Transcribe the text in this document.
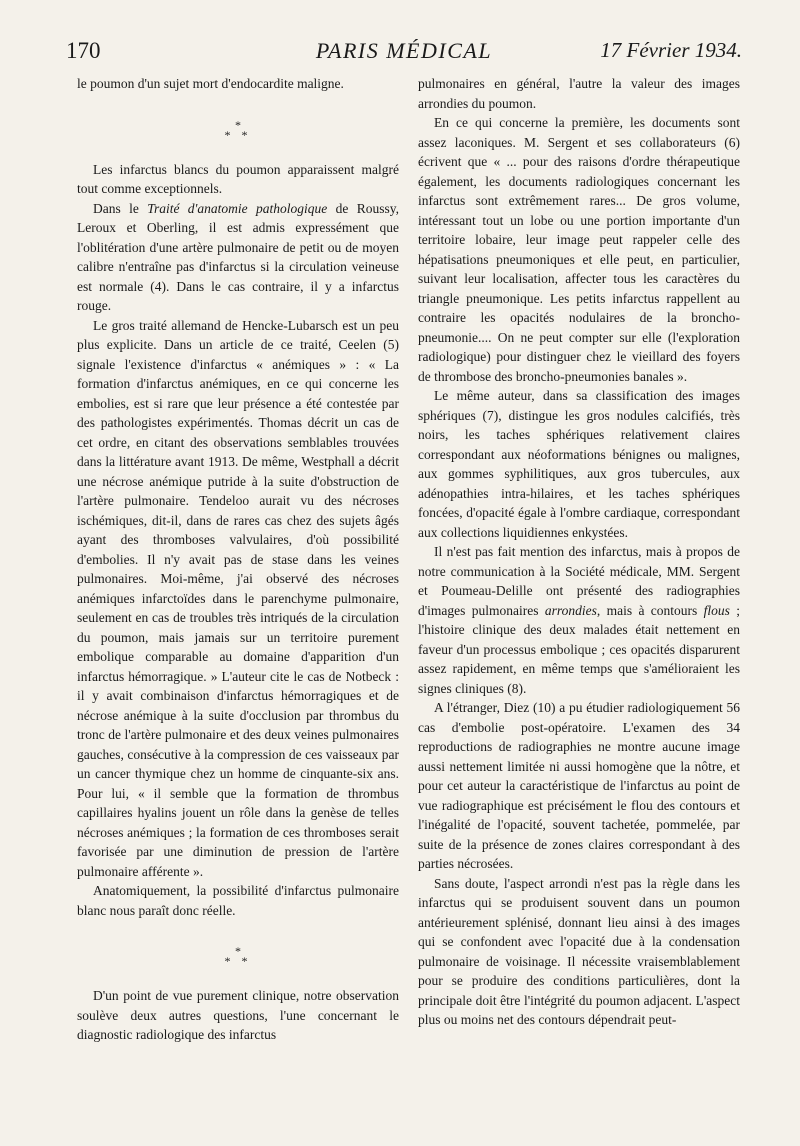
170	PARIS MÉDICAL	17 Février 1934.

le poumon d'un sujet mort d'endocardite maligne.

*
* *

Les infarctus blancs du poumon apparaissent malgré tout comme exceptionnels.

Dans le Traité d'anatomie pathologique de Roussy, Leroux et Oberling, il est admis expressément que l'oblitération d'une artère pulmonaire de petit ou de moyen calibre n'entraîne pas d'infarctus si la circulation veineuse est normale (4). Dans le cas contraire, il y a infarctus rouge.

Le gros traité allemand de Hencke-Lubarsch est un peu plus explicite. Dans un article de ce traité, Ceelen (5) signale l'existence d'infarctus « anémiques » : « La formation d'infarctus anémiques, en ce qui concerne les embolies, est si rare que leur présence a été contestée par des pathologistes expérimentés. Thomas décrit un cas de cet ordre, en citant des observations semblables trouvées dans la littérature avant 1913. De même, Westphall a décrit une nécrose anémique putride à la suite d'obstruction de l'artère pulmonaire. Tendeloo aurait vu des nécroses ischémiques, dit-il, dans de rares cas chez des sujets âgés ayant des thromboses valvulaires, d'où possibilité d'embolies. Il n'y avait pas de stase dans les veines pulmonaires. Moi-même, j'ai observé des nécroses anémiques infarctoïdes dans le parenchyme pulmonaire, seulement en cas de troubles très intriqués de la circulation du poumon, mais jamais sur un territoire purement embolique comparable au domaine d'apparition d'un infarctus hémorragique. » L'auteur cite le cas de Notbeck : il y avait combinaison d'infarctus hémorragiques et de nécrose anémique à la suite d'occlusion par thrombus du tronc de l'artère pulmonaire et des deux veines pulmonaires gauches, consécutive à la compression de ces vaisseaux par un cancer thymique chez un homme de cinquante-six ans. Pour lui, « il semble que la formation de thrombus capillaires hyalins jouent un rôle dans la genèse de telles nécroses anémiques ; la formation de ces thromboses serait favorisée par une diminution de pression de l'artère pulmonaire afférente ».

Anatomiquement, la possibilité d'infarctus pulmonaire blanc nous paraît donc réelle.

*
* *

D'un point de vue purement clinique, notre observation soulève deux autres questions, l'une concernant le diagnostic radiologique des infarctus

pulmonaires en général, l'autre la valeur des images arrondies du poumon.

En ce qui concerne la première, les documents sont assez laconiques. M. Sergent et ses collaborateurs (6) écrivent que « ... pour des raisons d'ordre thérapeutique également, les documents radiologiques concernant les infarctus sont extrêmement rares... De gros volume, intéressant tout un lobe ou une portion importante d'un territoire lobaire, leur image peut rappeler celle des hépatisations pneumoniques et elle peut, en particulier, suivant leur localisation, affecter tous les caractères du triangle pneumonique. Les petits infarctus rappellent au contraire les opacités nodulaires de la broncho-pneumonie.... On ne peut compter sur elle (l'exploration radiologique) pour distinguer chez le vieillard des foyers de thrombose des broncho-pneumonies banales ».

Le même auteur, dans sa classification des images sphériques (7), distingue les gros nodules calcifiés, très noirs, les taches sphériques relativement claires correspondant aux néoformations bénignes ou malignes, aux gommes syphilitiques, aux gros tubercules, aux adénopathies intra-hilaires, et les taches sphériques foncées, d'opacité égale à l'ombre cardiaque, correspondant aux collections liquidiennes enkystées.

Il n'est pas fait mention des infarctus, mais à propos de notre communication à la Société médicale, MM. Sergent et Poumeau-Delille ont présenté des radiographies d'images pulmonaires arrondies, mais à contours flous ; l'histoire clinique des deux malades était nettement en faveur d'un processus embolique ; ces opacités disparurent assez rapidement, en même temps que s'amélioraient les signes cliniques (8).

A l'étranger, Diez (10) a pu étudier radiologiquement 56 cas d'embolie post-opératoire. L'examen des 34 reproductions de radiographies ne montre aucune image aussi nettement limitée ni aussi homogène que la nôtre, et pour cet auteur la caractéristique de l'infarctus au point de vue radiographique est précisément le flou des contours et l'inégalité de l'opacité, souvent tachetée, pommelée, par suite de la présence de zones claires correspondant à des parties nécrosées.

Sans doute, l'aspect arrondi n'est pas la règle dans les infarctus qui se produisent souvent dans un poumon antérieurement splénisé, donnant lieu ainsi à des images qui se confondent avec l'opacité due à la condensation pulmonaire de voisinage. Il nécessite vraisemblablement pour se produire des conditions particulières, dont la principale doit être l'intégrité du poumon adjacent. L'aspect plus ou moins net des contours dépendrait peut-
